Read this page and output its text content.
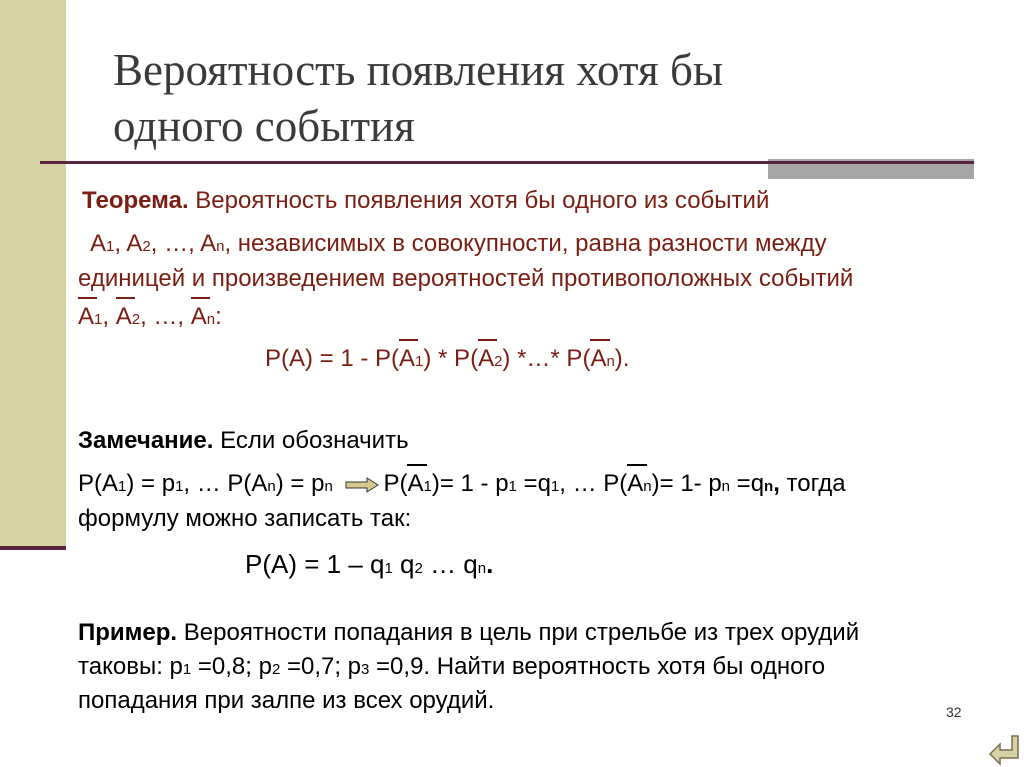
Вероятность появления хотя бы
одного события
Теорема. Вероятность появления хотя бы одного из событий
A1, A2, …, An, независимых в совокупности, равна разности между
единицей и произведением вероятностей противоположных событий
A1, A2, …, An:
P(A) = 1 - P(A1) * P(A2) *…* P(An).
Замечание. Если обозначить
P(A1) = p1, … P(An) = pn P(A1)= 1 - p1 =q1, … P(An)= 1- pn =qn, тогда
формулу можно записать так:
P(A) = 1 – q1 q2 … qn.
Пример. Вероятности попадания в цель при стрельбе из трех орудий
таковы: p1 =0,8; p2 =0,7; p3 =0,9. Найти вероятность хотя бы одного
попадания при залпе из всех орудий.	32
